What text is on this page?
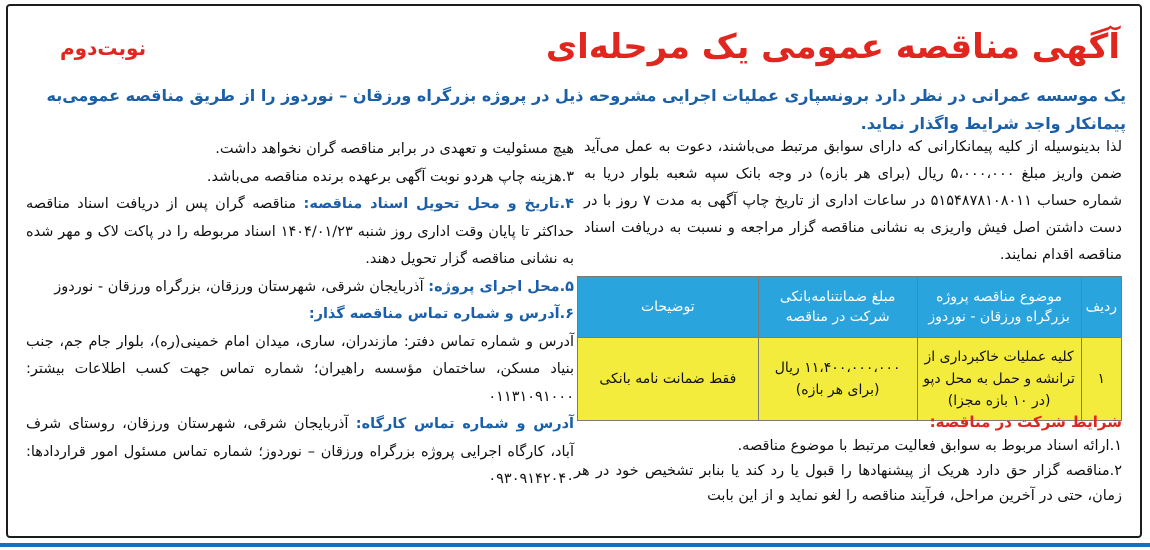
آگهی مناقصه عمومی یک مرحله‌ای
نوبت‌دوم
یک موسسه عمرانی در نظر دارد برونسپاری عملیات اجرایی مشروحه ذیل در پروژه بزرگراه ورزقان – نوردوز را از طریق مناقصه عمومی‌به پیمانکار واجد شرایط واگذار نماید.

لذا بدینوسیله از کلیه پیمانکارانی که دارای سوابق مرتبط می‌باشند، دعوت به عمل می‌آید ضمن واریز مبلغ ۵،۰۰۰،۰۰۰ ریال (برای هر بازه) در وجه بانک سپه شعبه بلوار دریا به شماره حساب ۵۱۵۴۸۷۸۱۰۸۰۱۱ در ساعات اداری از تاریخ چاپ آگهی به مدت ۷ روز با در دست داشتن اصل فیش واریزی به نشانی مناقصه گزار مراجعه و نسبت به دریافت اسناد مناقصه اقدام نمایند.

ردیف	موضوع مناقصه پروژه بزرگراه ورزقان - نوردوز	مبلغ ضمانتنامه‌بانکی شرکت در مناقصه	توضیحات
۱	کلیه عملیات خاکبرداری از ترانشه و حمل به محل دپو (در ۱۰ بازه مجزا)	۱۱،۴۰۰،۰۰۰،۰۰۰ ریال (برای هر بازه)	فقط ضمانت نامه بانکی
شرایط شرکت در مناقصه:

۱.ارائه اسناد مربوط به سوابق فعالیت مرتبط با موضوع مناقصه.

۲.مناقصه گزار حق دارد هریک از پیشنهادها را قبول یا رد کند یا بنابر تشخیص خود در هر زمان، حتی در آخرین مراحل، فرآیند مناقصه را لغو نماید و از این بابت

هیچ مسئولیت و تعهدی در برابر مناقصه گران نخواهد داشت.

۳.هزینه چاپ هردو نوبت آگهی برعهده برنده مناقصه می‌باشد.

۴.تاریخ و محل تحویل اسناد مناقصه: مناقصه گران پس از دریافت اسناد مناقصه حداکثر تا پایان وقت اداری روز شنبه ۱۴۰۴/۰۱/۲۳ اسناد مربوطه را در پاکت لاک و مهر شده به نشانی مناقصه گزار تحویل دهند.

۵.محل اجرای پروژه: آذربایجان شرقی، شهرستان ورزقان، بزرگراه ورزقان - نوردوز

۶.آدرس و شماره تماس مناقصه گذار:

آدرس و شماره تماس دفتر: مازندران، ساری، میدان امام خمینی(ره)، بلوار جام جم، جنب بنیاد مسکن، ساختمان مؤسسه راهیران؛ شماره تماس جهت کسب اطلاعات بیشتر: ۰۱۱۳۱۰۹۱۰۰۰

آدرس و شماره تماس کارگاه: آذربایجان شرقی، شهرستان ورزقان، روستای شرف آباد، کارگاه اجرایی پروژه بزرگراه ورزقان – نوردوز؛ شماره تماس مسئول امور قراردادها: ۰۹۳۰۹۱۴۲۰۴۰
